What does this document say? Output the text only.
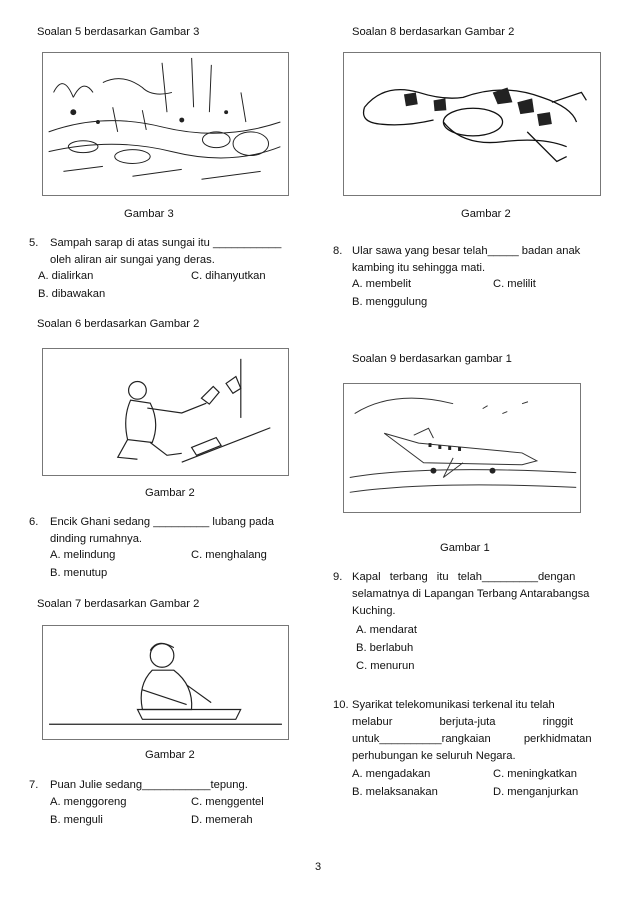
Soalan 5 berdasarkan Gambar 3
Gambar 3
5. Sampah sarap di atas sungai itu ___________
oleh aliran air sungai yang deras.
A. dialirkan	C. dihanyutkan
B. dibawakan
Soalan 6 berdasarkan Gambar 2
Gambar 2
6. Encik Ghani sedang _________ lubang pada
dinding rumahnya.
A. melindung	C. menghalang
B. menutup
Soalan 7 berdasarkan Gambar 2
Gambar 2
7. Puan Julie sedang___________tepung.
A. menggoreng	C. menggentel
B. menguli	D. memerah
Soalan 8 berdasarkan Gambar 2
Gambar 2
8. Ular sawa yang besar telah_____ badan anak
kambing itu sehingga mati.
A. membelit	C. melilit
B. menggulung
Soalan 9 berdasarkan gambar 1
Gambar 1
9. Kapal terbang itu telah_________dengan
selamatnya di Lapangan Terbang Antarabangsa
Kuching.
A. mendarat
B. berlabuh
C. menurun
10. Syarikat telekomunikasi terkenal itu telah
melabur berjuta-juta ringgit
untuk__________rangkaian perkhidmatan
perhubungan ke seluruh Negara.
A. mengadakan	C. meningkatkan
B. melaksanakan	D. menganjurkan
3
